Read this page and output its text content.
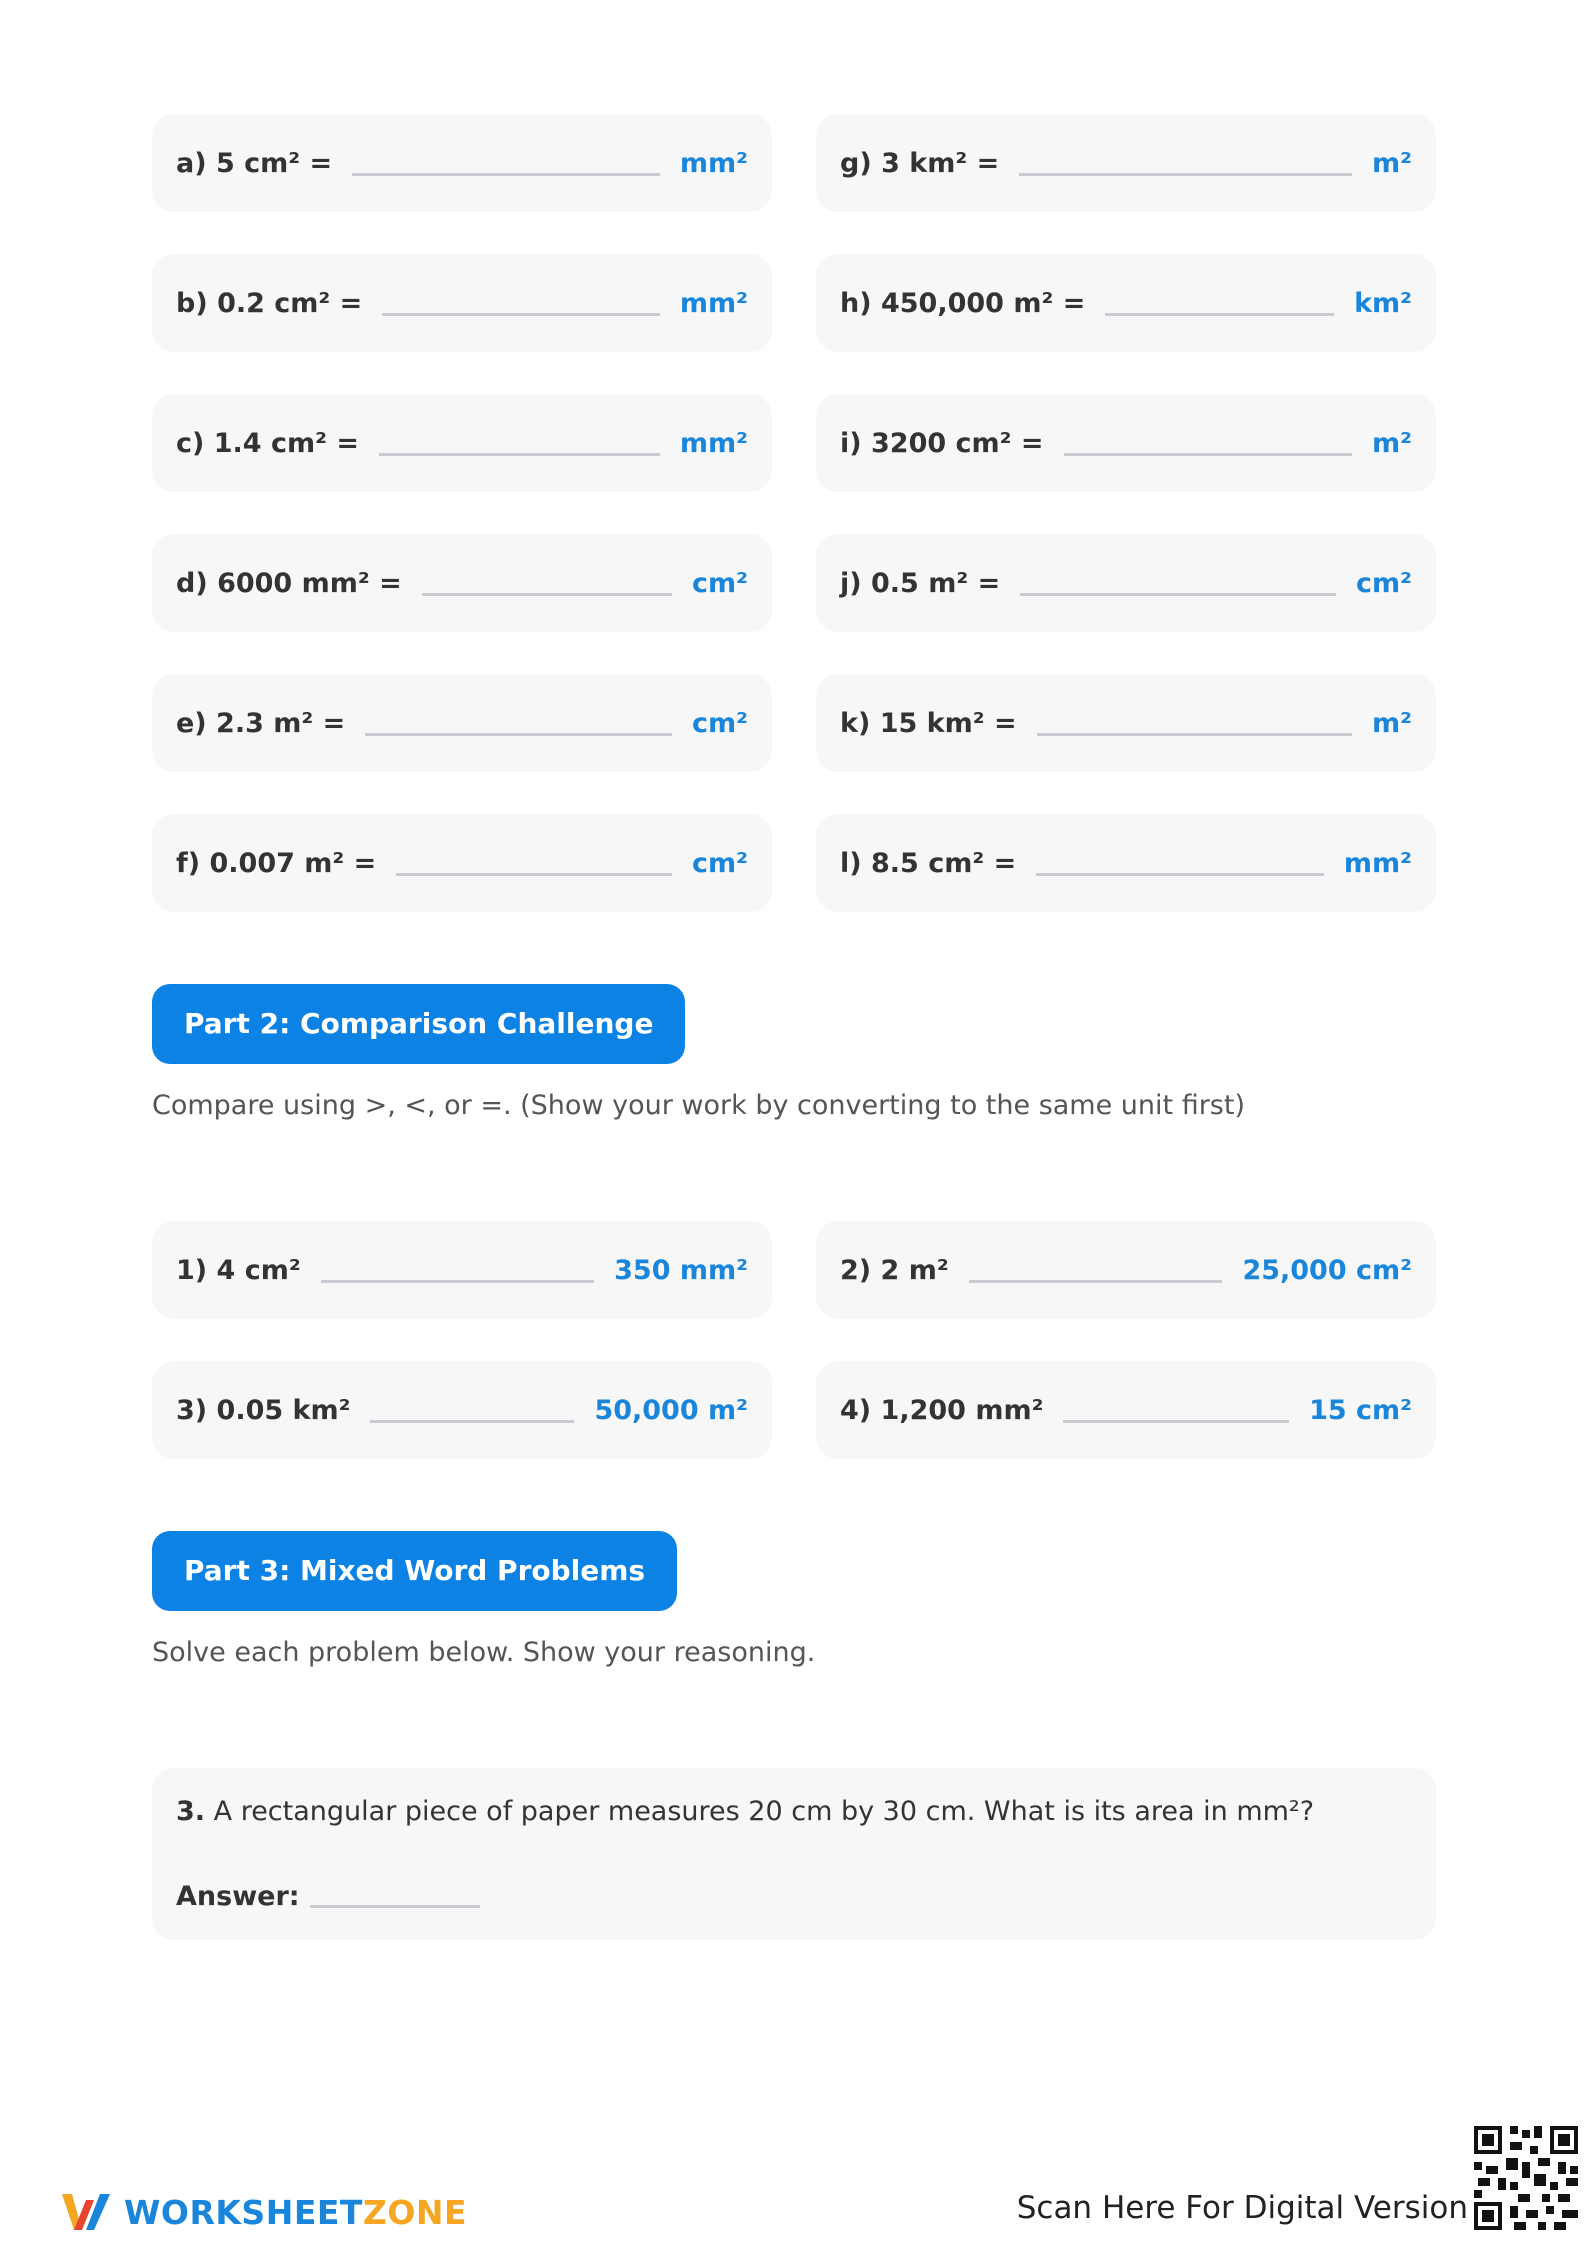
a) 5 cm² =	mm²	g) 3 km² =	m²
b) 0.2 cm² =	mm²	h) 450,000 m² =	km²
c) 1.4 cm² =	mm²	i) 3200 cm² =	m²
d) 6000 mm² =	cm²	j) 0.5 m² =	cm²
e) 2.3 m² =	cm²	k) 15 km² =	m²
f) 0.007 m² =	cm²	l) 8.5 cm² =	mm²
Part 2: Comparison Challenge
Compare using >, <, or =. (Show your work by converting to the same unit first)
1) 4 cm²	350 mm²	2) 2 m²	25,000 cm²
3) 0.05 km²	50,000 m²	4) 1,200 mm²	15 cm²
Part 3: Mixed Word Problems
Solve each problem below. Show your reasoning.
3. A rectangular piece of paper measures 20 cm by 30 cm. What is its area in mm²?
Answer:
WORKSHEETZONE	Scan Here For Digital Version
